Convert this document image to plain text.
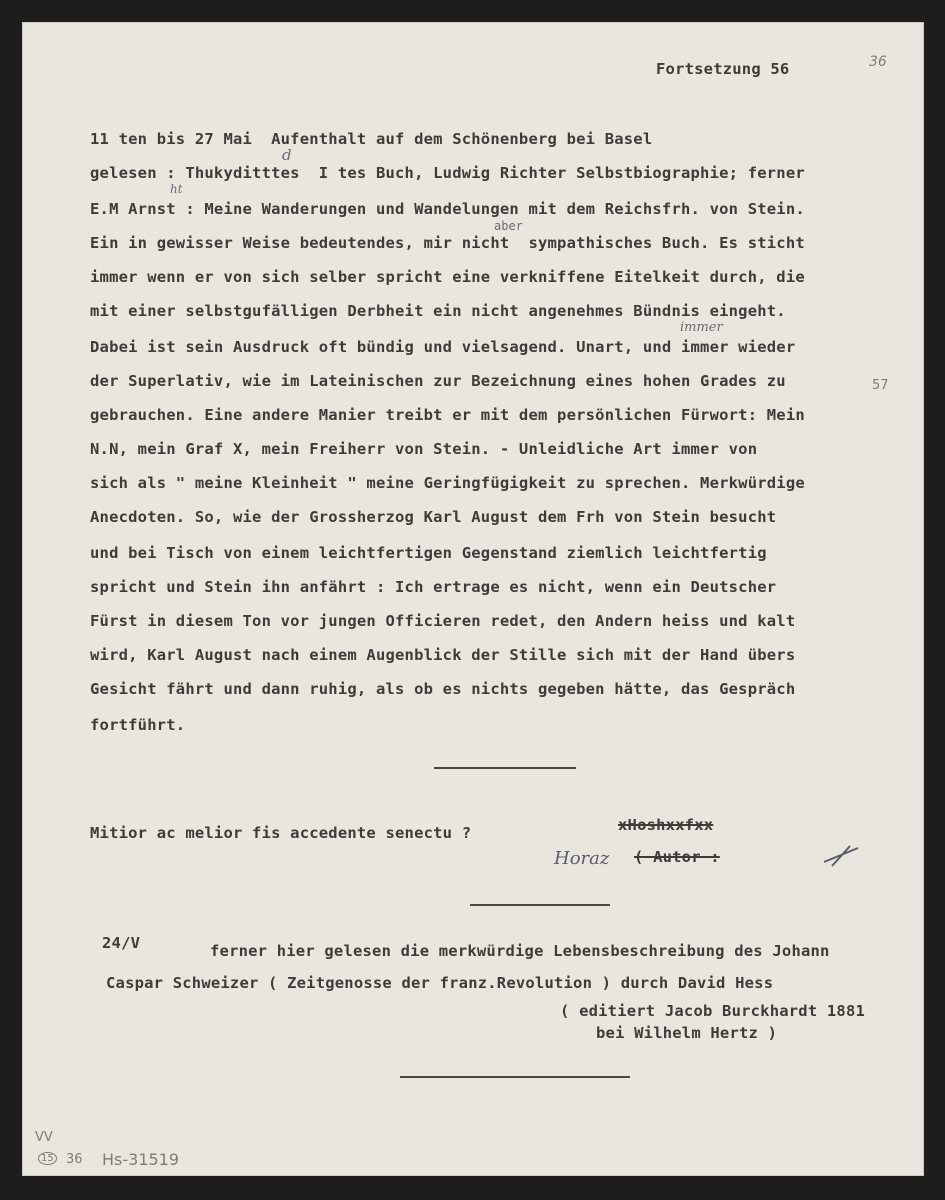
Fortsetzung 56	36
11 ten bis 27 Mai  Aufenthalt auf dem Schönenberg bei Basel
gelesen : Thukyditttes  I tes Buch, Ludwig Richter Selbstbiographie; ferner
E.M Arnst : Meine Wanderungen und Wandelungen mit dem Reichsfrh. von Stein.
Ein in gewisser Weise bedeutendes, mir nicht  sympathisches Buch. Es sticht
immer wenn er von sich selber spricht eine verkniffene Eitelkeit durch, die
mit einer selbstgufälligen Derbheit ein nicht angenehmes Bündnis eingeht.
Dabei ist sein Ausdruck oft bündig und vielsagend. Unart, und immer wieder
der Superlativ, wie im Lateinischen zur Bezeichnung eines hohen Grades zu
gebrauchen. Eine andere Manier treibt er mit dem persönlichen Fürwort: Mein
N.N, mein Graf X, mein Freiherr von Stein. - Unleidliche Art immer von
sich als " meine Kleinheit " meine Geringfügigkeit zu sprechen. Merkwürdige
Anecdoten. So, wie der Grossherzog Karl August dem Frh von Stein besucht
und bei Tisch von einem leichtfertigen Gegenstand ziemlich leichtfertig
spricht und Stein ihn anfährt : Ich ertrage es nicht, wenn ein Deutscher
Fürst in diesem Ton vor jungen Officieren redet, den Andern heiss und kalt
wird, Karl August nach einem Augenblick der Stille sich mit der Hand übers
Gesicht fährt und dann ruhig, als ob es nichts gegeben hätte, das Gespräch
fortführt.
aber
immer
d
ht
57
Mitior ac melior fis accedente senectu ?	xHoshxxfxx
Horaz ( Autor :
24/V	ferner hier gelesen die merkwürdige Lebensbeschreibung des Johann
Caspar Schweizer ( Zeitgenosse der franz.Revolution ) durch David Hess
( editiert Jacob Burckhardt 1881
bei Wilhelm Hertz )
VV
15 36 Hs-31519
